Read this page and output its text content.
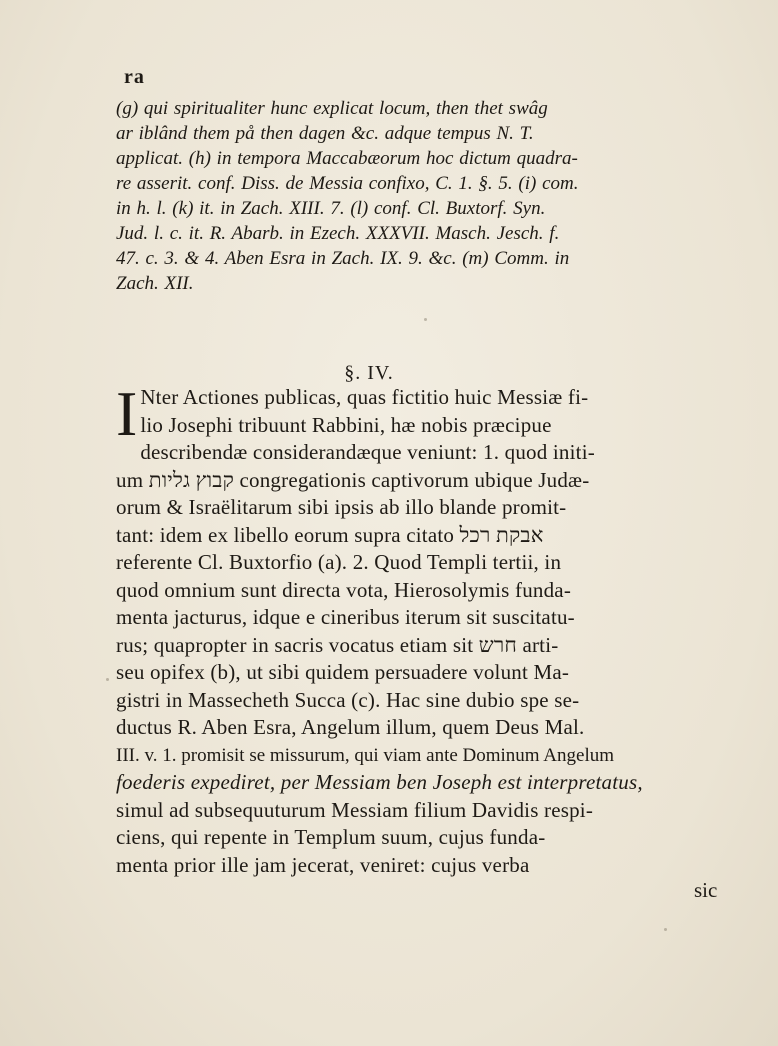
ra
(g) qui spiritualiter hunc explicat locum, then thet swâg
ar iblând them på then dagen &c. adque tempus N. T.
applicat. (h) in tempora Maccabæorum hoc dictum quadra-
re asserit. conf. Diss. de Messia confixo, C. 1. §. 5. (i) com.
in h. l. (k) it. in Zach. XIII. 7. (l) conf. Cl. Buxtorf. Syn.
Jud. l. c. it. R. Abarb. in Ezech. XXXVII. Masch. Jesch. f.
47. c. 3. & 4. Aben Esra in Zach. IX. 9. &c. (m) Comm. in
Zach. XII.
§. IV.
I Nter Actiones publicas, quas fictitio huic Messiæ fi-
lio Josephi tribuunt Rabbini, hæ nobis præcipue
describendæ considerandæque veniunt: 1. quod initi-
um קבוץ גליות congregationis captivorum ubique Judæ-
orum & Israëlitarum sibi ipsis ab illo blande promit-
tant: idem ex libello eorum supra citato אבקת רכל
referente Cl. Buxtorfio (a). 2. Quod Templi tertii, in
quod omnium sunt directa vota, Hierosolymis funda-
menta jacturus, idque e cineribus iterum sit suscitatu-
rus; quapropter in sacris vocatus etiam sit חרש arti-
seu opifex (b), ut sibi quidem persuadere volunt Ma-
gistri in Massecheth Succa (c). Hac sine dubio spe se-
ductus R. Aben Esra, Angelum illum, quem Deus Mal.
III. v. 1. promisit se missurum, qui viam ante Dominum Angelum
foederis expediret, per Messiam ben Joseph est interpretatus,
simul ad subsequuturum Messiam filium Davidis respi-
ciens, qui repente in Templum suum, cujus funda-
menta prior ille jam jecerat, veniret: cujus verba
sic
